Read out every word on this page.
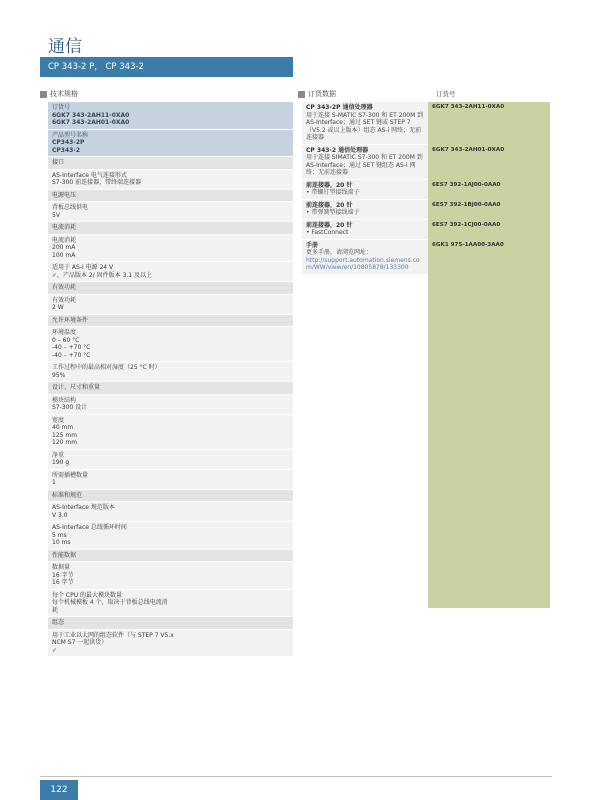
通信
CP 343-2 P， CP 343-2
技术规格	订货数据	订货号
订货号
6GK7 343-2AH11-0XA0
6GK7 343-2AH01-0XA0
产品型号名称
CP343-2P
CP343-2
接口
AS-Interface 电气连接形式
S7-300 前连接器，带终端连接器
电源电压
背板总线供电
5V
电流消耗
电流消耗
200 mA
100 mA
适用于 AS-i 电源 24 V
✓，产品版本 2/ 固件版本 3.1 及以上
有效功耗
有效功耗
2 W
允许环境条件
环境温度
0 – 60 °C
-40 – +70 °C
-40 – +70 °C
工作过程中的最高相对湿度（25 °C 时）
95%
设计、尺寸和重量
模块结构
S7-300 设计
宽度
40 mm
125 mm
120 mm
净重
190 g
所需插槽数量
1
标准和规范
AS-Interface 规范版本
V 3.0
AS-Interface 总线循环时间
5 ms
10 ms
性能数据
数据量
16 字节
16 字节
每个 CPU 的最大模块数量
每个机械模板 4 个，取决于背板总线电流消耗
组态
用于工业以太网的组态软件（与 STEP 7 V5.x NCM S7 一起供货）
✓
CP 343-2P 通信处理器
用于连接 S-MATIC S7-300 和 ET 200M 到 AS-Interface；通过 SET 键或 STEP 7（V5.2 或以上版本）组态 AS-i 网络；无前连接器
6GK7 343-2AH11-0XA0
CP 343-2 通信处理器
用于连接 SIMATIC S7-300 和 ET 200M 到 AS-Interface；通过 SET 键组态 AS-i 网络；无前连接器
6GK7 343-2AH01-0XA0
前连接器，20 针
• 带螺钉型接线端子
6ES7 392-1AJ00-0AA0
前连接器，20 针
• 带弹簧型接线端子
6ES7 392-1BJ00-0AA0
前连接器，20 针
• FastConnect
6ES7 392-1CJ00-0AA0
手册
更多手册，请浏览网址：
http://support.automation.siemens.com/WW/view/en/10805878/133300
6GK1 975-1AA00-3AA0
122
